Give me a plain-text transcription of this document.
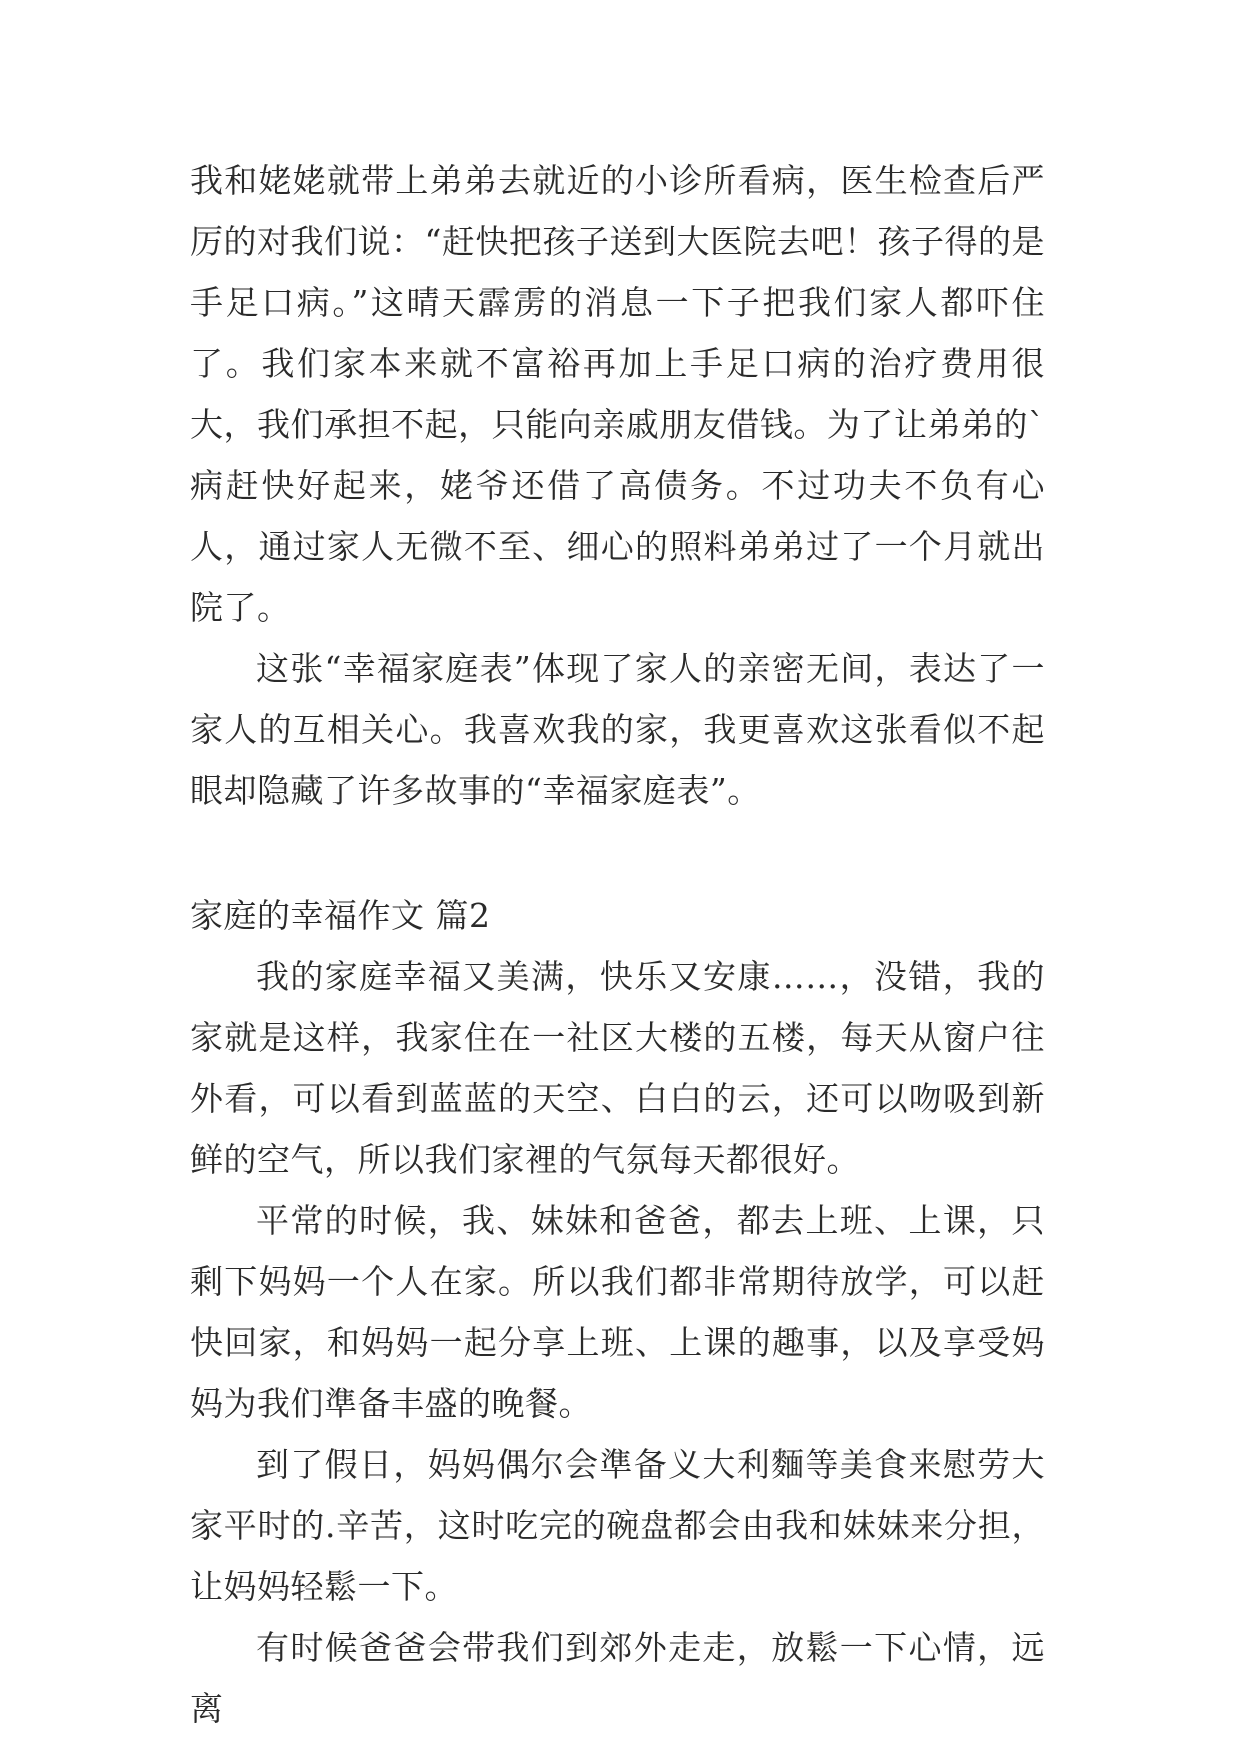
我和姥姥就带上弟弟去就近的小诊所看病，医生检查后严厉的对我们说：“赶快把孩子送到大医院去吧！孩子得的是手足口病。”这晴天霹雳的消息一下子把我们家人都吓住了。我们家本来就不富裕再加上手足口病的治疗费用很大，我们承担不起，只能向亲戚朋友借钱。为了让弟弟的`病赶快好起来，姥爷还借了高债务。不过功夫不负有心人，通过家人无微不至、细心的照料弟弟过了一个月就出院了。

这张“幸福家庭表”体现了家人的亲密无间，表达了一家人的互相关心。我喜欢我的家，我更喜欢这张看似不起眼却隐藏了许多故事的“幸福家庭表”。

家庭的幸福作文 篇2

我的家庭幸福又美满，快乐又安康……，没错，我的家就是这样，我家住在一社区大楼的五楼，每天从窗户往外看，可以看到蓝蓝的天空、白白的云，还可以吻吸到新鲜的空气，所以我们家裡的气氛每天都很好。

平常的时候，我、妹妹和爸爸，都去上班、上课，只剩下妈妈一个人在家。所以我们都非常期待放学，可以赶快回家，和妈妈一起分享上班、上课的趣事，以及享受妈妈为我们準备丰盛的晚餐。

到了假日，妈妈偶尔会準备义大利麵等美食来慰劳大家平时的.辛苦，这时吃完的碗盘都会由我和妹妹来分担，让妈妈轻鬆一下。

有时候爸爸会带我们到郊外走走，放鬆一下心情，远离
